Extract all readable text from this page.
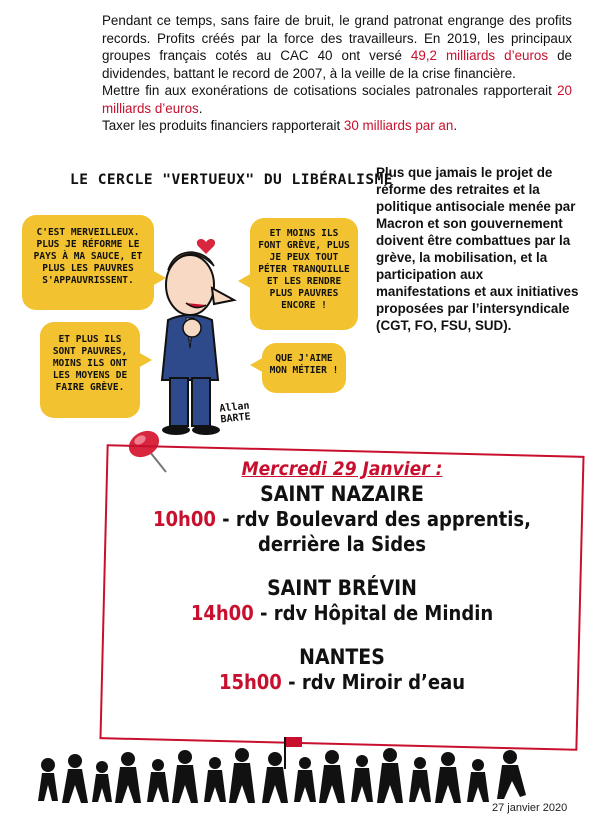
Pendant ce temps, sans faire de bruit, le grand patronat engrange des profits records. Profits créés par la force des travailleurs. En 2019, les principaux groupes français cotés au CAC 40 ont versé 49,2 milliards d’euros de dividendes, battant le record de 2007, à la veille de la crise financière.

Mettre fin aux exonérations de cotisations sociales patronales rapporterait 20 milliards d’euros.

Taxer les produits financiers rapporterait 30 milliards par an.

LE CERCLE "VERTUEUX" DU LIBÉRALISME
C'EST MERVEILLEUX. PLUS JE RÉFORME LE PAYS À MA SAUCE, ET PLUS LES PAUVRES S'APPAUVRISSENT.
ET MOINS ILS FONT GRÈVE, PLUS JE PEUX TOUT PÉTER TRANQUILLE ET LES RENDRE PLUS PAUVRES ENCORE !
ET PLUS ILS SONT PAUVRES, MOINS ILS ONT LES MOYENS DE FAIRE GRÈVE.
QUE J'AIME MON MÉTIER !
Allan
BARTE
Plus que jamais le projet de réforme des retraites et la politique antisociale menée par Macron et son gouvernement doivent être combattues par la grève, la mobilisation, et la participation aux manifestations et aux initiatives proposées par l’intersyndicale (CGT, FO, FSU, SUD).
Mercredi 29 Janvier :
SAINT NAZAIRE
10h00 - rdv Boulevard des apprentis, derrière la Sides
SAINT BRÉVIN
14h00 - rdv Hôpital de Mindin
NANTES
15h00 - rdv Miroir d’eau
27 janvier 2020
